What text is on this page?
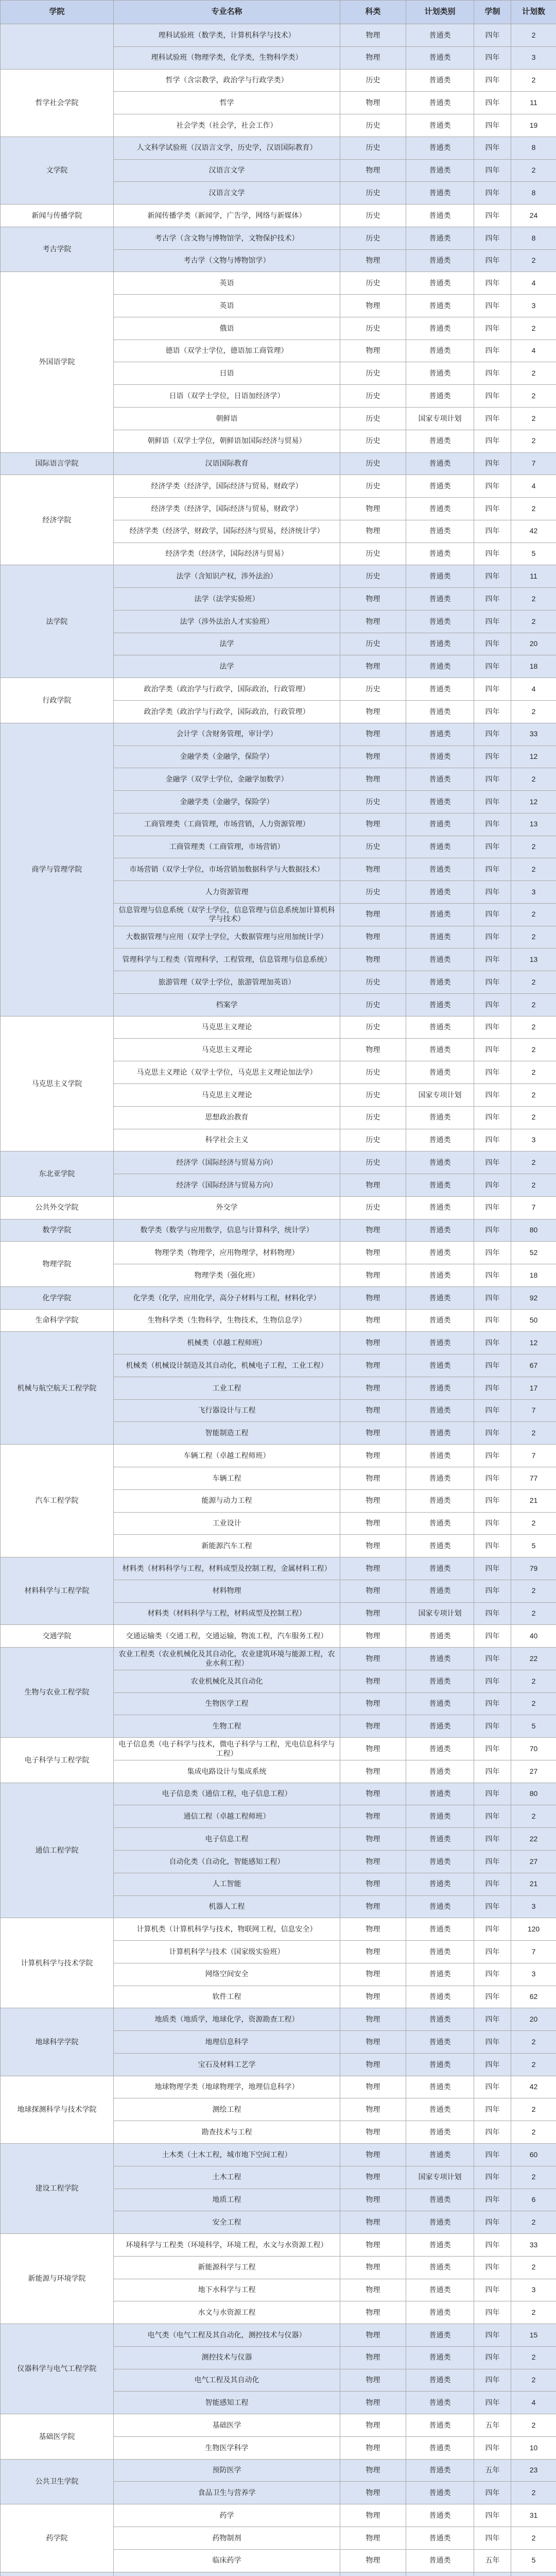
学院	专业名称	科类	计划类别	学制	计划数
	理科试验班（数学类，计算机科学与技术）	物理	普通类	四年	2
	理科试验班（物理学类，化学类，生物科学类）	物理	普通类	四年	3
哲学社会学院	哲学（含宗教学，政治学与行政学类）	历史	普通类	四年	2
	哲学	物理	普通类	四年	11
	社会学类（社会学，社会工作）	历史	普通类	四年	19
文学院	人文科学试验班（汉语言文学，历史学，汉语国际教育）	历史	普通类	四年	8
	汉语言文学	物理	普通类	四年	2
	汉语言文学	历史	普通类	四年	8
新闻与传播学院	新闻传播学类（新闻学，广告学，网络与新媒体）	历史	普通类	四年	24
考古学院	考古学（含文物与博物馆学，文物保护技术）	历史	普通类	四年	8
	考古学（文物与博物馆学）	物理	普通类	四年	2
外国语学院	英语	历史	普通类	四年	4
	英语	物理	普通类	四年	3
	俄语	历史	普通类	四年	2
	德语（双学士学位，德语加工商管理）	物理	普通类	四年	4
	日语	历史	普通类	四年	2
	日语（双学士学位，日语加经济学）	历史	普通类	四年	2
	朝鲜语	历史	国家专项计划	四年	2
	朝鲜语（双学士学位，朝鲜语加国际经济与贸易）	历史	普通类	四年	2
国际语言学院	汉语国际教育	历史	普通类	四年	7
经济学院	经济学类（经济学，国际经济与贸易，财政学）	历史	普通类	四年	4
	经济学类（经济学，国际经济与贸易，财政学）	物理	普通类	四年	2
	经济学类（经济学，财政学，国际经济与贸易，经济统计学）	物理	普通类	四年	42
	经济学类（经济学，国际经济与贸易）	历史	普通类	四年	5
法学院	法学（含知识产权，涉外法治）	历史	普通类	四年	11
	法学（法学实验班）	物理	普通类	四年	2
	法学（涉外法治人才实验班）	物理	普通类	四年	2
	法学	历史	普通类	四年	20
	法学	物理	普通类	四年	18
行政学院	政治学类（政治学与行政学，国际政治，行政管理）	历史	普通类	四年	4
	政治学类（政治学与行政学，国际政治，行政管理）	物理	普通类	四年	2
商学与管理学院	会计学（含财务管理，审计学）	物理	普通类	四年	33
	金融学类（金融学，保险学）	物理	普通类	四年	12
	金融学（双学士学位，金融学加数学）	物理	普通类	四年	2
	金融学类（金融学，保险学）	历史	普通类	四年	12
	工商管理类（工商管理，市场营销，人力资源管理）	物理	普通类	四年	13
	工商管理类（工商管理，市场营销）	历史	普通类	四年	2
	市场营销（双学士学位，市场营销加数据科学与大数据技术）	物理	普通类	四年	2
	人力资源管理	历史	普通类	四年	3
	信息管理与信息系统（双学士学位，信息管理与信息系统加计算机科学与技术）	物理	普通类	四年	2
	大数据管理与应用（双学士学位，大数据管理与应用加统计学）	物理	普通类	四年	2
	管理科学与工程类（管理科学，工程管理，信息管理与信息系统）	物理	普通类	四年	13
	旅游管理（双学士学位，旅游管理加英语）	历史	普通类	四年	2
	档案学	历史	普通类	四年	2
马克思主义学院	马克思主义理论	历史	普通类	四年	2
	马克思主义理论	物理	普通类	四年	2
	马克思主义理论（双学士学位，马克思主义理论加法学）	历史	普通类	四年	2
	马克思主义理论	历史	国家专项计划	四年	2
	思想政治教育	历史	普通类	四年	2
	科学社会主义	历史	普通类	四年	3
东北亚学院	经济学（国际经济与贸易方向）	历史	普通类	四年	2
	经济学（国际经济与贸易方向）	物理	普通类	四年	2
公共外交学院	外交学	历史	普通类	四年	7
数学学院	数学类（数学与应用数学，信息与计算科学，统计学）	物理	普通类	四年	80
物理学院	物理学类（物理学，应用物理学，材料物理）	物理	普通类	四年	52
	物理学类（强化班）	物理	普通类	四年	18
化学学院	化学类（化学，应用化学，高分子材料与工程，材料化学）	物理	普通类	四年	92
生命科学学院	生物科学类（生物科学，生物技术，生物信息学）	物理	普通类	四年	50
机械与航空航天工程学院	机械类（卓越工程师班）	物理	普通类	四年	12
	机械类（机械设计制造及其自动化，机械电子工程，工业工程）	物理	普通类	四年	67
	工业工程	物理	普通类	四年	17
	飞行器设计与工程	物理	普通类	四年	7
	智能制造工程	物理	普通类	四年	2
汽车工程学院	车辆工程（卓越工程师班）	物理	普通类	四年	7
	车辆工程	物理	普通类	四年	77
	能源与动力工程	物理	普通类	四年	21
	工业设计	物理	普通类	四年	2
	新能源汽车工程	物理	普通类	四年	5
材料科学与工程学院	材料类（材料科学与工程，材料成型及控制工程，金属材料工程）	物理	普通类	四年	79
	材料物理	物理	普通类	四年	2
	材料类（材料科学与工程，材料成型及控制工程）	物理	国家专项计划	四年	2
交通学院	交通运输类（交通工程，交通运输，物流工程，汽车服务工程）	物理	普通类	四年	40
生物与农业工程学院	农业工程类（农业机械化及其自动化，农业建筑环境与能源工程，农业水利工程）	物理	普通类	四年	22
	农业机械化及其自动化	物理	普通类	四年	2
	生物医学工程	物理	普通类	四年	2
	生物工程	物理	普通类	四年	5
电子科学与工程学院	电子信息类（电子科学与技术，微电子科学与工程，光电信息科学与工程）	物理	普通类	四年	70
	集成电路设计与集成系统	物理	普通类	四年	27
通信工程学院	电子信息类（通信工程，电子信息工程）	物理	普通类	四年	80
	通信工程（卓越工程师班）	物理	普通类	四年	2
	电子信息工程	物理	普通类	四年	22
	自动化类（自动化，智能感知工程）	物理	普通类	四年	27
	人工智能	物理	普通类	四年	21
	机器人工程	物理	普通类	四年	3
计算机科学与技术学院	计算机类（计算机科学与技术，物联网工程，信息安全）	物理	普通类	四年	120
	计算机科学与技术（国家级实验班）	物理	普通类	四年	7
	网络空间安全	物理	普通类	四年	3
	软件工程	物理	普通类	四年	62
地球科学学院	地质类（地质学，地球化学，资源勘查工程）	物理	普通类	四年	20
	地理信息科学	物理	普通类	四年	2
	宝石及材料工艺学	物理	普通类	四年	2
地球探测科学与技术学院	地球物理学类（地球物理学，地理信息科学）	物理	普通类	四年	42
	测绘工程	物理	普通类	四年	2
	勘查技术与工程	物理	普通类	四年	2
建设工程学院	土木类（土木工程，城市地下空间工程）	物理	普通类	四年	60
	土木工程	物理	国家专项计划	四年	2
	地质工程	物理	普通类	四年	6
	安全工程	物理	普通类	四年	2
新能源与环境学院	环境科学与工程类（环境科学，环境工程，水文与水资源工程）	物理	普通类	四年	33
	新能源科学与工程	物理	普通类	四年	2
	地下水科学与工程	物理	普通类	四年	3
	水文与水资源工程	物理	普通类	四年	2
仪器科学与电气工程学院	电气类（电气工程及其自动化，测控技术与仪器）	物理	普通类	四年	15
	测控技术与仪器	物理	普通类	四年	2
	电气工程及其自动化	物理	普通类	四年	2
	智能感知工程	物理	普通类	四年	4
基础医学院	基础医学	物理	普通类	五年	2
	生物医学科学	物理	普通类	四年	10
公共卫生学院	预防医学	物理	普通类	五年	23
	食品卫生与营养学	物理	普通类	四年	2
药学院	药学	物理	普通类	四年	31
	药物制剂	物理	普通类	四年	2
	临床药学	物理	普通类	五年	5
